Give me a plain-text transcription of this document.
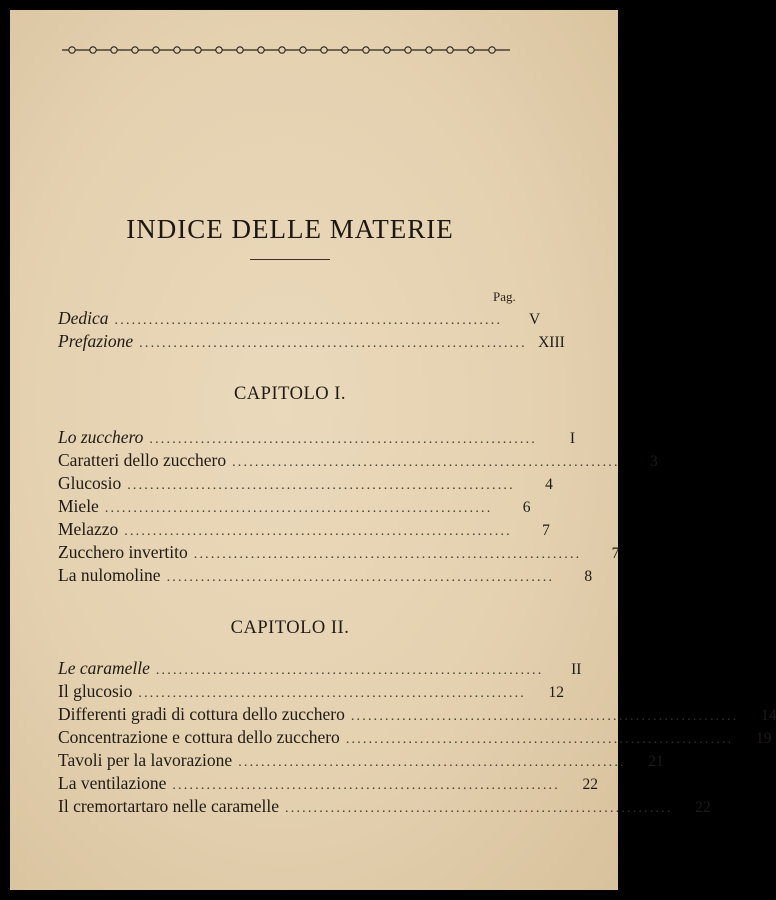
INDICE DELLE MATERIE
Pag.
Dedica ....................................................................	V
Prefazione .................................................................... XIII
CAPITOLO I.
Lo zucchero ....................................................................	I
Caratteri dello zucchero ....................................................................	3
Glucosio ....................................................................	4
Miele ....................................................................	6
Melazzo ....................................................................	7
Zucchero invertito ....................................................................	7
La nulomoline ....................................................................	8
CAPITOLO II.
Le caramelle ....................................................................	II
Il glucosio ....................................................................	12
Differenti gradi di cottura dello zucchero ....................................................................	14
Concentrazione e cottura dello zucchero ....................................................................	19
Tavoli per la lavorazione ....................................................................	21
La ventilazione ....................................................................	22
Il cremortartaro nelle caramelle ....................................................................	22
